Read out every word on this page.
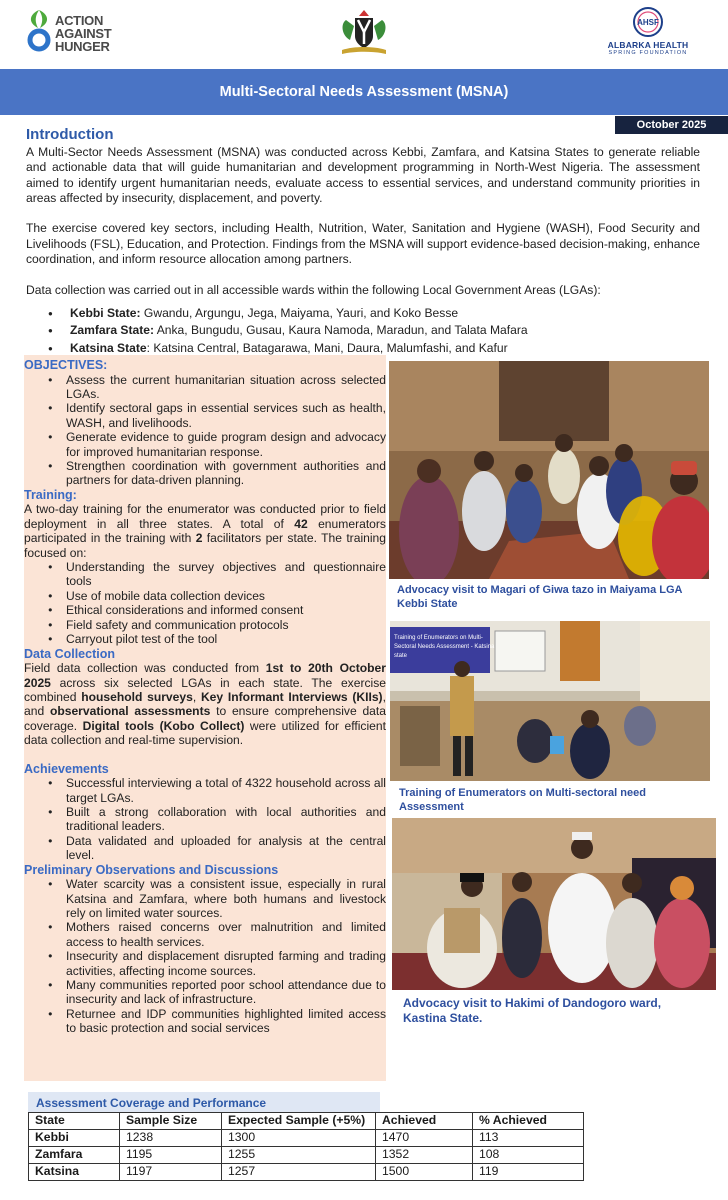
ACTION
AGAINST
HUNGER
AHSF
ALBARKA HEALTH
SPRING FOUNDATION
Multi-Sectoral Needs Assessment (MSNA)
October 2025
Introduction

A Multi-Sector Needs Assessment (MSNA) was conducted across Kebbi, Zamfara, and Katsina States to generate reliable and actionable data that will guide humanitarian and development programming in North-West Nigeria. The assessment aimed to identify urgent humanitarian needs, evaluate access to essential services, and understand community priorities in areas affected by insecurity, displacement, and poverty.

The exercise covered key sectors, including Health, Nutrition, Water, Sanitation and Hygiene (WASH), Food Security and Livelihoods (FSL), Education, and Protection. Findings from the MSNA will support evidence-based decision-making, enhance coordination, and inform resource allocation among partners.

Data collection was carried out in all accessible wards within the following Local Government Areas (LGAs):

● Kebbi State: Gwandu, Argungu, Jega, Maiyama, Yauri, and Koko Besse
● Zamfara State: Anka, Bungudu, Gusau, Kaura Namoda, Maradun, and Talata Mafara
● Katsina State: Katsina Central, Batagarawa, Mani, Daura, Malumfashi, and Kafur
OBJECTIVES:
● Assess the current humanitarian situation across selected LGAs.
● Identify sectoral gaps in essential services such as health, WASH, and livelihoods.
● Generate evidence to guide program design and advocacy for improved humanitarian response.
● Strengthen coordination with government authorities and partners for data-driven planning.
Training:

A two-day training for the enumerator was conducted prior to field deployment in all three states. A total of 42 enumerators participated in the training with 2 facilitators per state. The training focused on:

● Understanding the survey objectives and questionnaire tools
● Use of mobile data collection devices
● Ethical considerations and informed consent
● Field safety and communication protocols
● Carryout pilot test of the tool
Data Collection

Field data collection was conducted from 1st to 20th October 2025 across six selected LGAs in each state. The exercise combined household surveys, Key Informant Interviews (KIIs), and observational assessments to ensure comprehensive data coverage. Digital tools (Kobo Collect) were utilized for efficient data collection and real-time supervision.

Achievements
● Successful interviewing a total of 4322 household across all target LGAs.
● Built a strong collaboration with local authorities and traditional leaders.
● Data validated and uploaded for analysis at the central level.
Preliminary Observations and Discussions
● Water scarcity was a consistent issue, especially in rural Katsina and Zamfara, where both humans and livestock rely on limited water sources.
● Mothers raised concerns over malnutrition and limited access to health services.
● Insecurity and displacement disrupted farming and trading activities, affecting income sources.
● Many communities reported poor school attendance due to insecurity and lack of infrastructure.
● Returnee and IDP communities highlighted limited access to basic protection and social services
Advocacy visit to Magari of Giwa tazo in Maiyama LGA Kebbi State
Training of Enumerators on Multi-
Sectoral Needs Assessment - Katsina
state
Training of Enumerators on Multi-sectoral need Assessment
Advocacy visit to Hakimi of Dandogoro ward, Kastina State.
Assessment Coverage and Performance
State	Sample Size	Expected Sample (+5%)	Achieved	% Achieved
Kebbi	1238	1300	1470	113
Zamfara	1195	1255	1352	108
Katsina	1197	1257	1500	119
